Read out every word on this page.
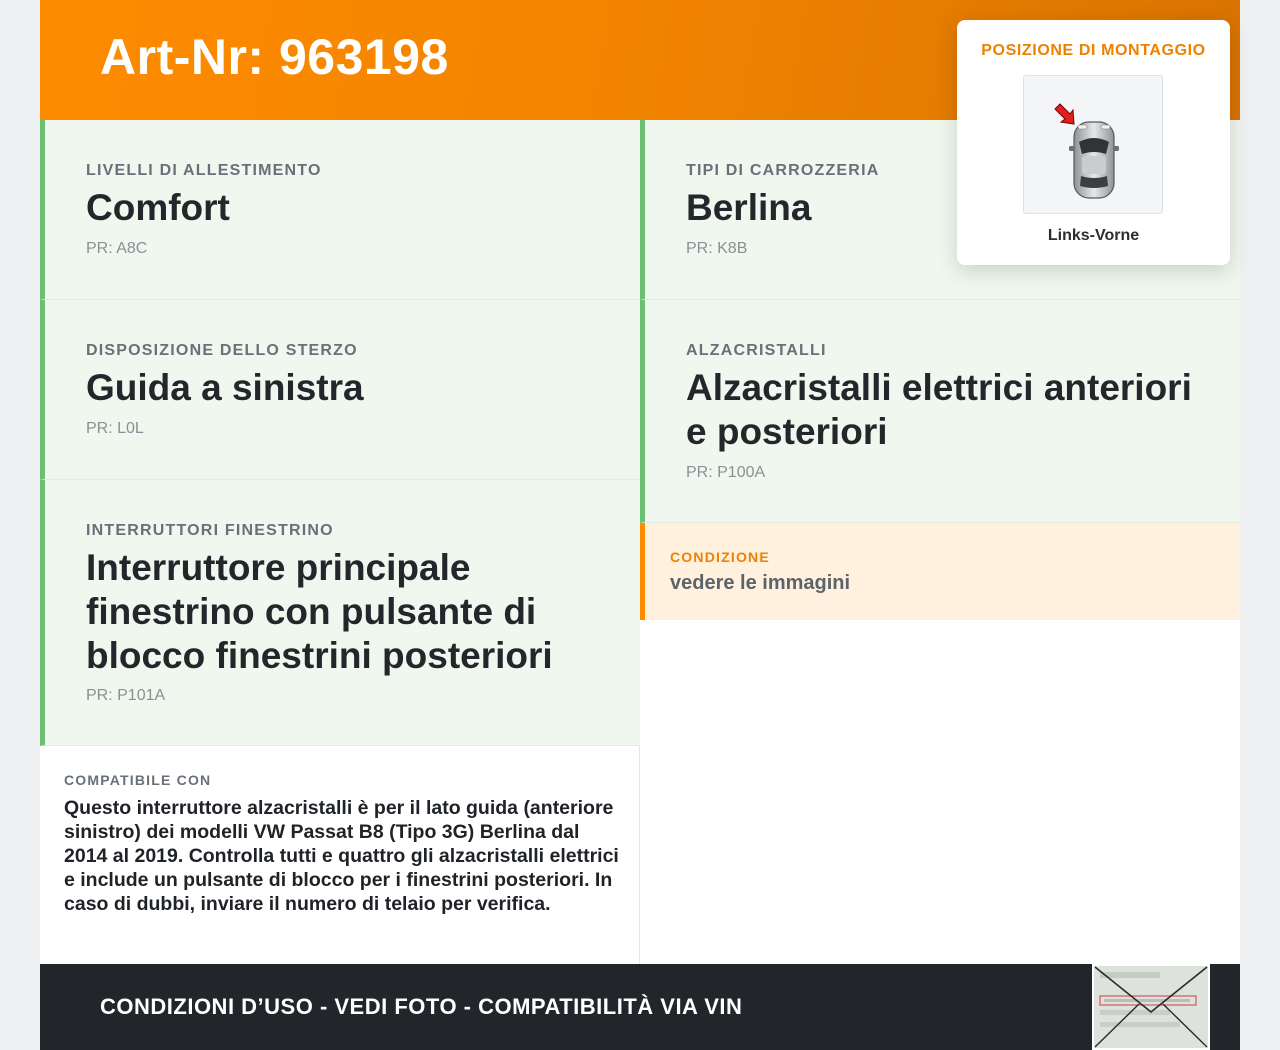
Art-Nr: 963198
LIVELLI DI ALLESTIMENTO
Comfort
PR: A8C
DISPOSIZIONE DELLO STERZO
Guida a sinistra
PR: L0L
INTERRUTTORI FINESTRINO
Interruttore principale finestrino con pulsante di blocco finestrini posteriori
PR: P101A
COMPATIBILE CON
Questo interruttore alzacristalli è per il lato guida (anteriore sinistro) dei modelli VW Passat B8 (Tipo 3G) Berlina dal 2014 al 2019. Controlla tutti e quattro gli alzacristalli elettrici e include un pulsante di blocco per i finestrini posteriori. In caso di dubbi, inviare il numero di telaio per verifica.
TIPI DI CARROZZERIA
Berlina
PR: K8B
ALZACRISTALLI
Alzacristalli elettrici anteriori e posteriori
PR: P100A
CONDIZIONE
vedere le immagini
CONDIZIONI D’USO - VEDI FOTO - COMPATIBILITÀ VIA VIN
POSIZIONE DI MONTAGGIO
Links-Vorne
